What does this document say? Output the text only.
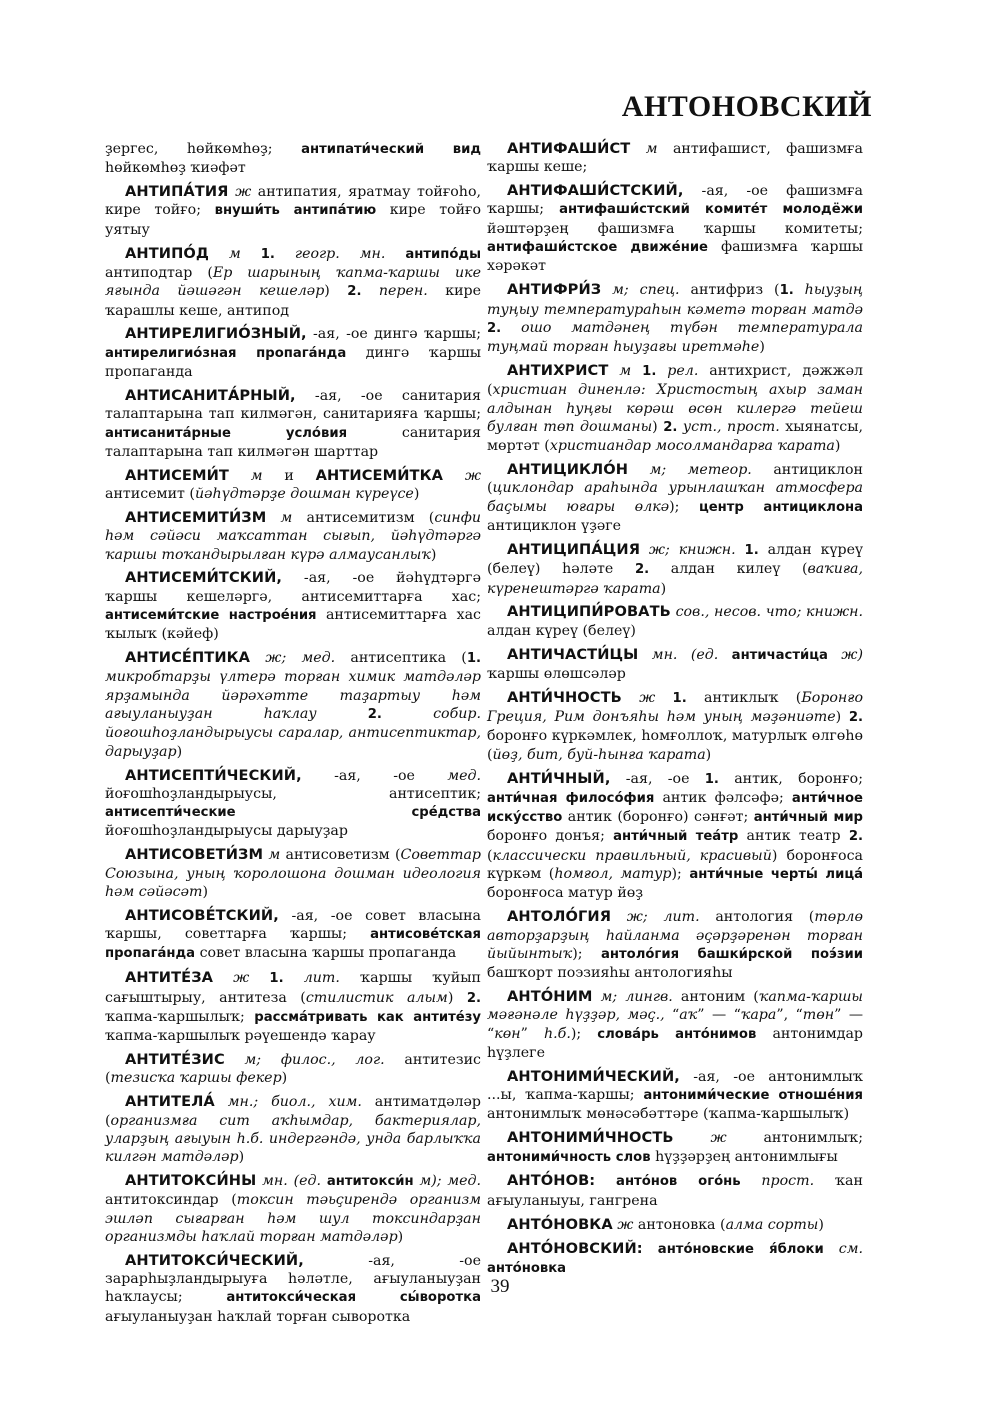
АНТОНОВСКИЙ

ҙергес, һөйкөмһөҙ; антипати́ческий вид һөйкөмһөҙ ҡиәфәт

АНТИПА́ТИЯ ж антипатия, яратмау тойғоһо, кире тойғо; внуши́ть антипа́тию кире тойғо уятыу

АНТИПО́Д м 1. геогр. мн. антипо́ды антиподтар (Ер шарының ҡапма-ҡаршы ике яғында йәшәгән кешеләр) 2. перен. кире ҡарашлы кеше, антипод

АНТИРЕЛИГИО́ЗНЫЙ, -ая, -ое дингә ҡаршы; антирелигио́зная пропага́нда дингә ҡаршы пропаганда

АНТИСАНИТА́РНЫЙ, -ая, -ое санитария талаптарына тап килмәгән, санитарияға ҡаршы; антисанита́рные усло́вия санитария талаптарына тап килмәгән шарттар

АНТИСЕМИ́Т м и АНТИСЕМИ́ТКА ж антисемит (йәһүдтәрҙе дошман күреүсе)

АНТИСЕМИТИ́ЗМ м антисемитизм (синфи һәм сәйәси маҡсаттан сығып, йәһүдтәргә ҡаршы тоҡандырылған күрә алмаусанлыҡ)

АНТИСЕМИ́ТСКИЙ, -ая, -ое йәһүдтәргә ҡаршы кешеләргә, антисемиттарға хас; антисеми́тские настрое́ния антисемиттарға хас ҡылыҡ (кәйеф)

АНТИСЕ́ПТИКА ж; мед. антисептика (1. микробтарҙы үлтерә торған химик матдәләр ярҙамында йәрәхәтте таҙартыу һәм ағыуланыуҙан һаҡлау	2. собир. йоғошһоҙландырыусы саралар, антисептиктар, дарыуҙар)

АНТИСЕПТИ́ЧЕСКИЙ, -ая, -ое мед. йоғошһоҙландырыусы, антисептик; антисепти́ческие сре́дства йоғошһоҙландырыусы дарыуҙар

АНТИСОВЕТИ́ЗМ м антисоветизм (Советтар Союзына, уның ҡоролошона дошман идеология һәм сәйәсәт)

АНТИСОВЕ́ТСКИЙ, -ая, -ое совет власына ҡаршы, советтарға ҡаршы; антисове́тская пропага́нда совет власына ҡаршы пропаганда

АНТИТЕ́ЗА ж 1. лит. ҡаршы ҡуйып сағыштырыу, антитеза (стилистик алым) 2. ҡапма-ҡаршылыҡ; рассма́тривать как антите́зу ҡапма-ҡаршылыҡ рәүешендә ҡарау

АНТИТЕ́ЗИС м; филос., лог. антитезис (тезисҡа ҡаршы фекер)

АНТИТЕЛА́ мн.; биол., хим. антиматдәләр (организмға сит аҡһымдар, бактериялар, уларҙың ағыуын һ.б. индергәндә, унда барлыҡҡа килгән матдәләр)

АНТИТОКСИ́НЫ мн. (ед. антитокси́н м); мед. антитоксиндар (токсин тәьҫирендә организм эшләп сығарған һәм шул токсиндарҙан организмды һаҡлай торған матдәләр)

АНТИТОКСИ́ЧЕСКИЙ, -ая, -ое зарарһыҙландырыуға һәләтле, ағыуланыуҙан һаҡлаусы; антитокси́ческая сы́воротка ағыуланыуҙан һаҡлай торған сыворотка

АНТИФАШИ́СТ м антифашист, фашизмға ҡаршы кеше;

АНТИФАШИ́СТСКИЙ, -ая, -ое фашизмға ҡаршы; антифаши́стский комите́т молодёжи йәштәрҙең фашизмға ҡаршы комитеты; антифаши́стское движе́ние фашизмға ҡаршы хәрәкәт

АНТИФРИ́З м; спец. антифриз (1. һыуҙың туңыу температураһын кәметә торған матдә 2. ошо матдәнең түбән температурала туңмай торған һыуҙағы иретмәһе)

АНТИХРИСТ м 1. рел. антихрист, дәжжәл (христиан диненлә: Христостың ахыр заман алдынан һуңғы көрәш өсөн килергә тейеш булған төп дошманы) 2. уст., прост. хыянатсы, мөртәт (христиандар мосолмандарға ҡарата)

АНТИЦИКЛО́Н м; метеор. антициклон (циклондар араһында урынлашҡан атмосфера баҫымы юғары өлкә); центр антициклона антициклон үҙәге

АНТИЦИПА́ЦИЯ ж; книжн. 1. алдан күреү (белеү) һәләте 2. алдан килеү (ваҡиға, күренештәргә ҡарата)

АНТИЦИПИ́РОВАТЬ сов., несов. что; книжн. алдан күреү (белеү)

АНТИЧАСТИ́ЦЫ мн. (ед. античасти́ца ж) ҡаршы өлөшсәләр

АНТИ́ЧНОСТЬ ж 1. антиклыҡ (Боронғо Греция, Рим донъяһы һәм уның мәҙәниәте) 2. боронғо күркәмлек, һомғоллоҡ, матурлыҡ өлгөһө (йөҙ, бит, буй-һынға ҡарата)

АНТИ́ЧНЫЙ, -ая, -ое 1. антик, боронғо; анти́чная филосо́фия антик фәлсәфә; анти́чное иску́сство антик (боронғо) сәнғәт; анти́чный мир боронғо донъя; анти́чный теа́тр антик театр 2. (классически правильный, красивый) боронғоса күркәм (һомғол, матур); анти́чные черты́ лица́ боронғоса матур йөҙ

АНТОЛО́ГИЯ ж; лит. антология (төрлө авторҙарҙың һайланма әҫәрҙәренән торған йыйынтыҡ); антоло́гия башки́рской поэ́зии башҡорт поэзияһы антологияһы

АНТО́НИМ м; лингв. антоним (ҡапма-ҡаршы мәғәнәле һүҙҙәр, мәҫ., “аҡ” — “ҡара”, “төн” — “көн” һ.б.); слова́рь анто́нимов антонимдар һүҙлеге

АНТОНИМИ́ЧЕСКИЙ, -ая, -ое антонимлыҡ ...ы, ҡапма-ҡаршы; антоними́ческие отноше́ния антонимлыҡ мөнәсәбәттәре (ҡапма-ҡаршылыҡ)

АНТОНИМИ́ЧНОСТЬ ж антонимлыҡ; антоними́чность слов һүҙҙәрҙең антонимлығы

АНТО́НОВ: анто́нов ого́нь прост. ҡан ағыуланыуы, гангрена

АНТО́НОВКА ж антоновка (алма сорты)

АНТО́НОВСКИЙ: анто́новские я́блоки см. анто́новка

39
